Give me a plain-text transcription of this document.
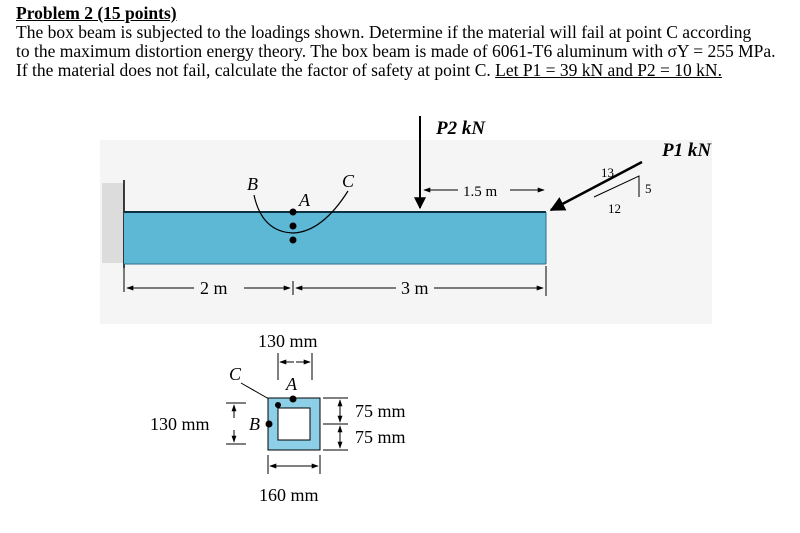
Problem 2 (15 points)
The box beam is subjected to the loadings shown. Determine if the material will fail at point C according
to the maximum distortion energy theory. The box beam is made of 6061-T6 aluminum with σY = 255 MPa.
If the material does not fail, calculate the factor of safety at point C. Let P1 = 39 kN and P2 = 10 kN.
B
A
C
P2 kN
1.5 m
P1 kN
13
5
12
2 m	3 m
130 mm
C A
130 mm B
75 mm
75 mm
160 mm
